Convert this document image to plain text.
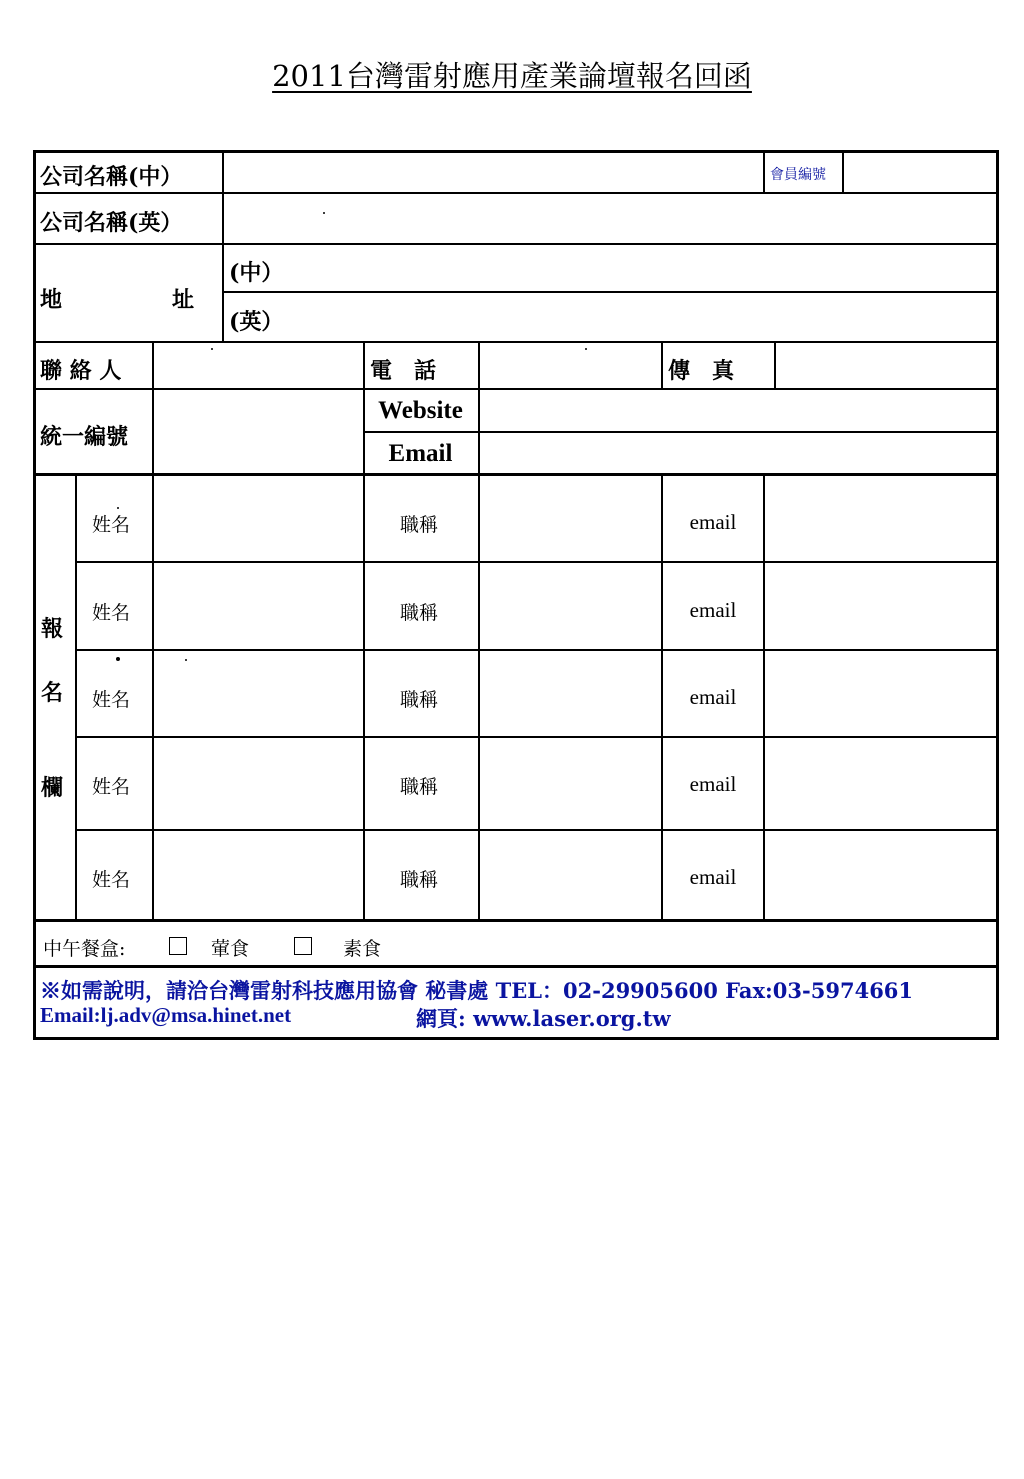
2011台灣雷射應用產業論壇報名回函
公司名稱(中）	會員編號
公司名稱(英）
地	址
(中）
(英）
聯 絡 人	電　話	傳　真
統一編號
Website
Email
報
名
欄
姓名	職稱	email
姓名	職稱	email
姓名	職稱	email
姓名	職稱	email
姓名	職稱	email
中午餐盒:	葷食	素食
※如需說明，請洽台灣雷射科技應用協會 秘書處 TEL：02-29905600 Fax:03-5974661
Email:lj.adv@msa.hinet.net	網頁: www.laser.org.tw
